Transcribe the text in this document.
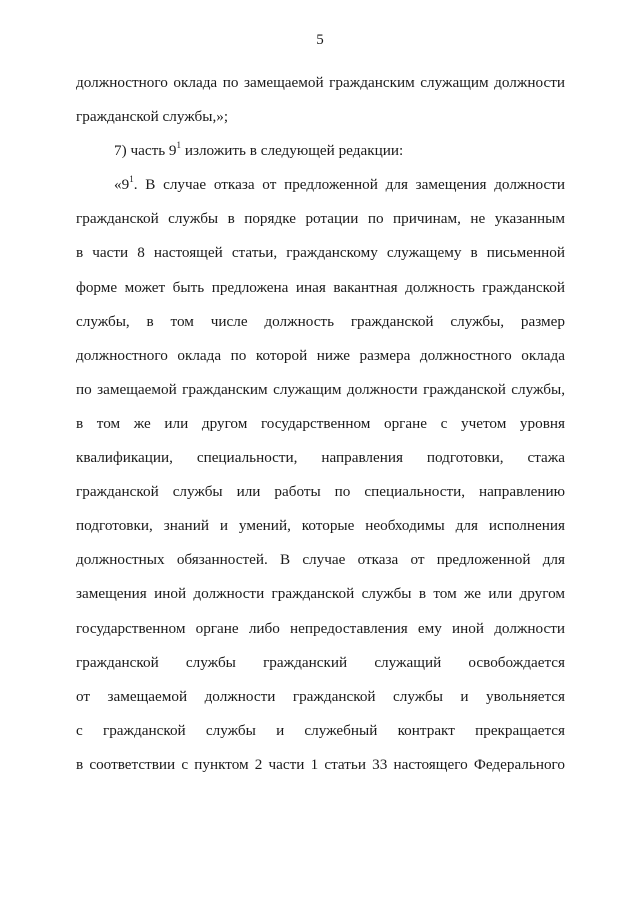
5
должностного оклада по замещаемой гражданским служащим должности
гражданской службы,»;
7) часть $9^1$ изложить в следующей редакции:
«$9^1$. В случае отказа от предложенной для замещения должности
гражданской службы в порядке ротации по причинам, не указанным
в части 8 настоящей статьи, гражданскому служащему в письменной
форме может быть предложена иная вакантная должность гражданской
службы, в том числе должность гражданской службы, размер
должностного оклада по которой ниже размера должностного оклада
по замещаемой гражданским служащим должности гражданской службы,
в том же или другом государственном органе с учетом уровня
квалификации, специальности, направления подготовки, стажа
гражданской службы или работы по специальности, направлению
подготовки, знаний и умений, которые необходимы для исполнения
должностных обязанностей. В случае отказа от предложенной для
замещения иной должности гражданской службы в том же или другом
государственном органе либо непредоставления ему иной должности
гражданской службы гражданский служащий освобождается
от замещаемой должности гражданской службы и увольняется
с гражданской службы и служебный контракт прекращается
в соответствии с пунктом 2 части 1 статьи 33 настоящего Федерального
